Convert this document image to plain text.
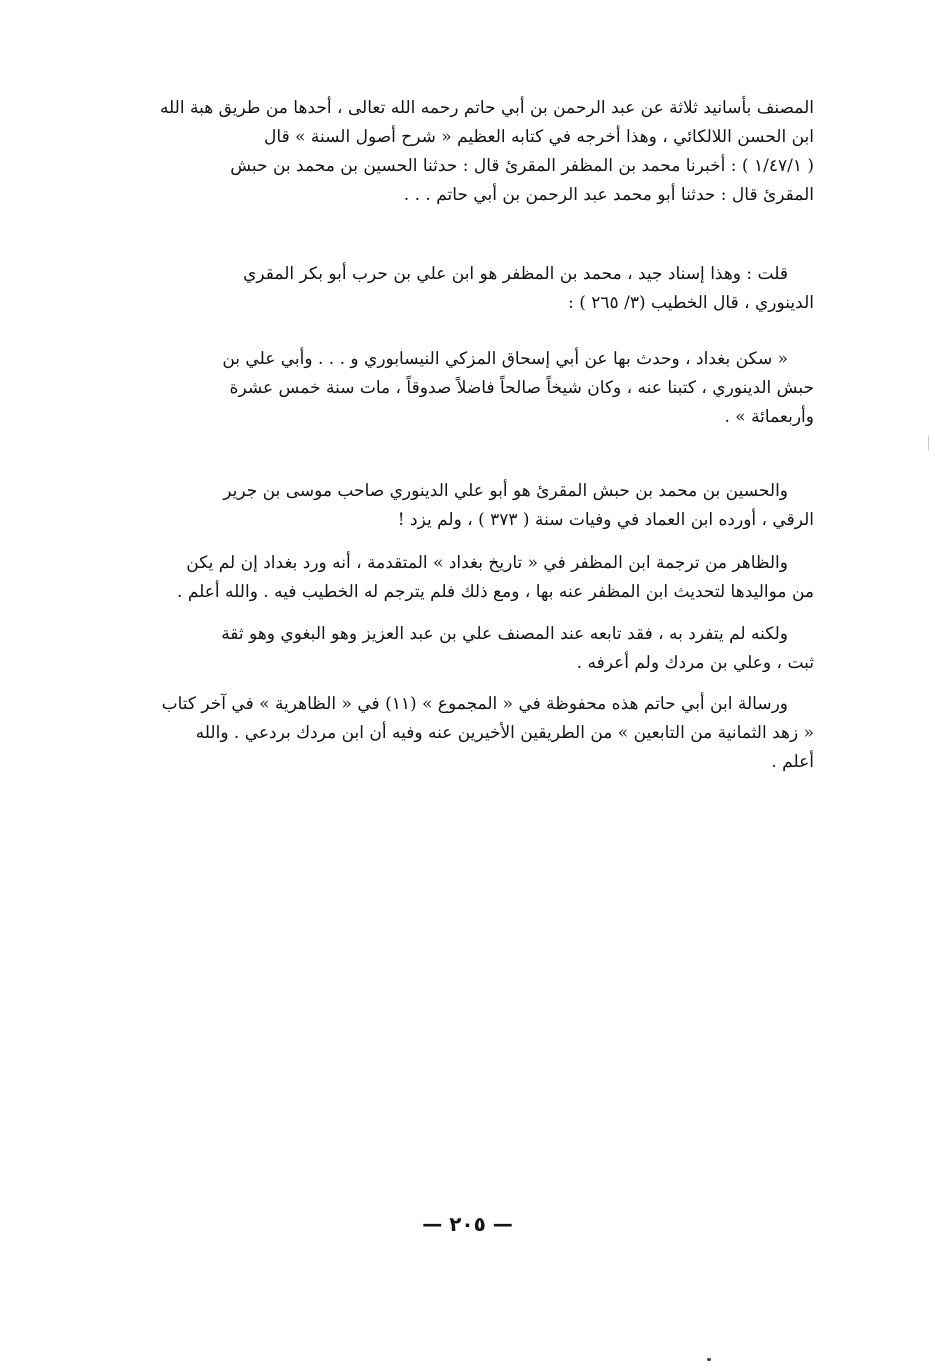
المصنف بأسانيد ثلاثة عن عبد الرحمن بن أبي حاتم رحمه الله تعالى ، أحدها من طريق هبة الله
ابن الحسن اللالكائي ، وهذا أخرجه في كتابه العظيم « شرح أصول السنة » قال
( ١/٤٧/١ ) : أخبرنا محمد بن المظفر المقرئ قال : حدثنا الحسين بن محمد بن حبش
المقرئ قال : حدثنا أبو محمد عبد الرحمن بن أبي حاتم . . .
قلت : وهذا إسناد جيد ، محمد بن المظفر هو ابن علي بن حرب أبو بكر المقري
الدينوري ، قال الخطيب (٣/ ٢٦٥ ) :
« سكن بغداد ، وحدث بها عن أبي إسحاق المزكي النيسابوري و . . . وأبي علي بن
حبش الدينوري ، كتبنا عنه ، وكان شيخاً صالحاً فاضلاً صدوقاً ، مات سنة خمس عشرة
وأربعمائة » .
والحسين بن محمد بن حبش المقرئ هو أبو علي الدينوري صاحب موسى بن جرير
الرقي ، أورده ابن العماد في وفيات سنة ( ٣٧٣ ) ، ولم يزد !
والظاهر من ترجمة ابن المظفر في « تاريخ بغداد » المتقدمة ، أنه ورد بغداد إن لم يكن
من مواليدها لتحديث ابن المظفر عنه بها ، ومع ذلك فلم يترجم له الخطيب فيه . والله أعلم .
ولكنه لم يتفرد به ، فقد تابعه عند المصنف علي بن عبد العزيز وهو البغوي وهو ثقة
ثبت ، وعلي بن مردك ولم أعرفه .
ورسالة ابن أبي حاتم هذه محفوظة في « المجموع » (١١) في « الظاهرية » في آخر كتاب
« زهد الثمانية من التابعين » من الطريقين الأخيرين عنه وفيه أن ابن مردك بردعي . والله
أعلم .
— ٢٠٥ —
